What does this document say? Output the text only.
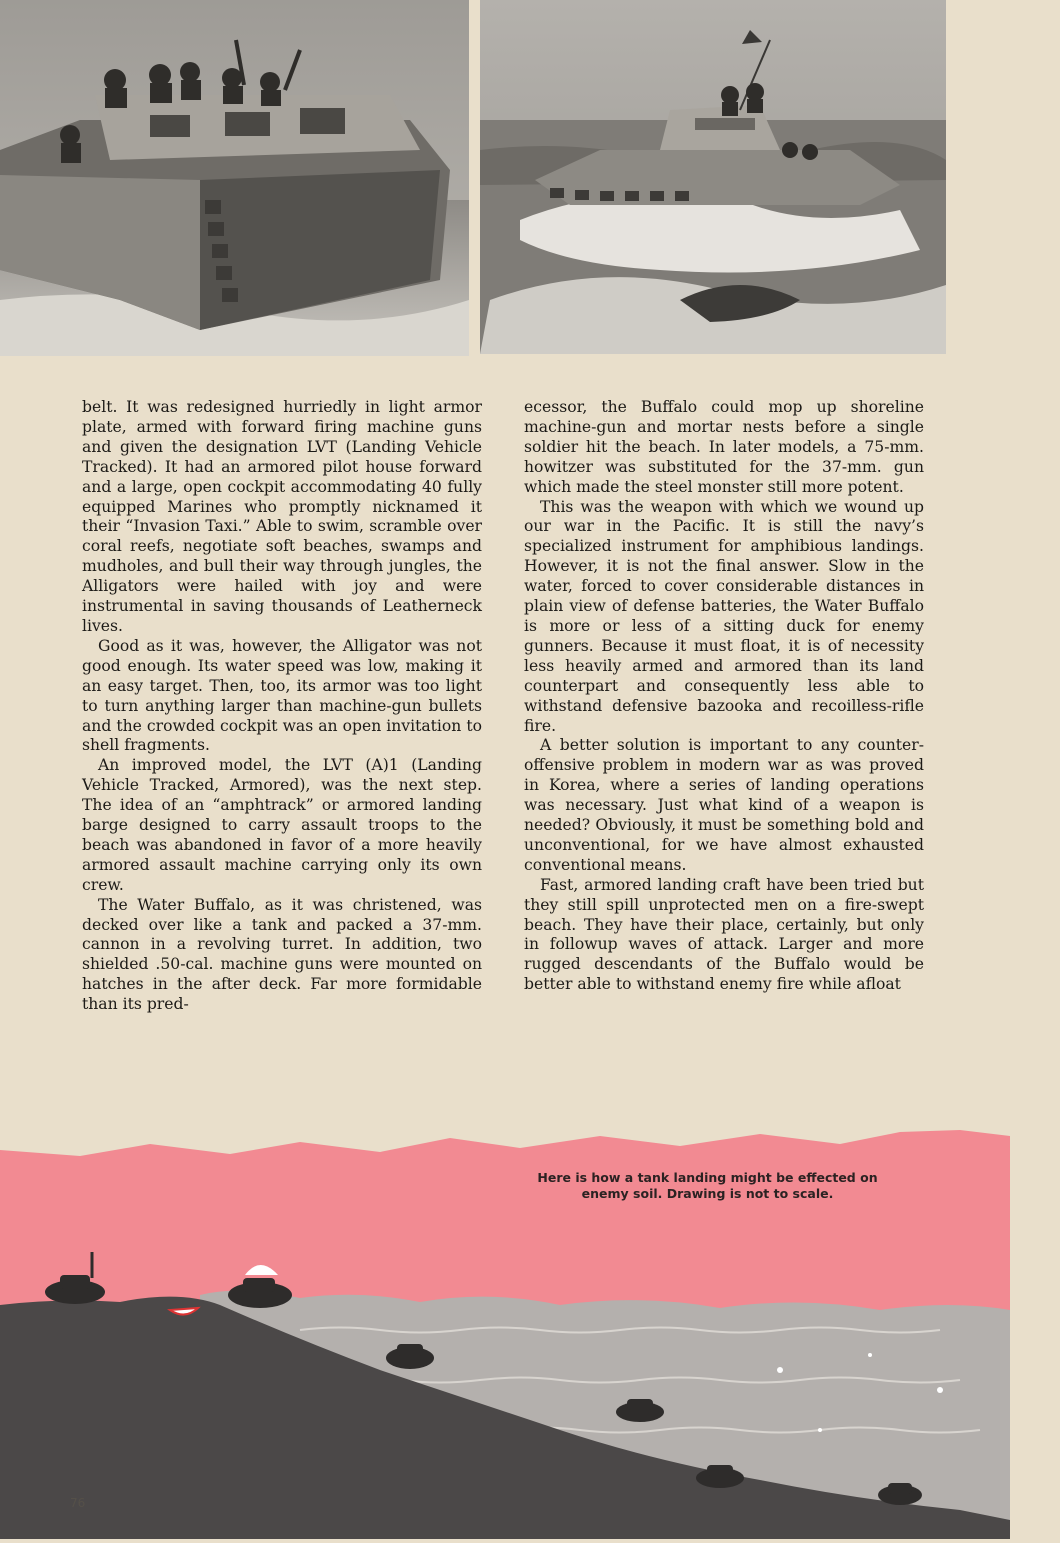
belt. It was redesigned hurriedly in light armor plate, armed with forward firing machine guns and given the designation LVT (Landing Vehicle Tracked). It had an armored pilot house forward and a large, open cockpit accommodating 40 fully equipped Marines who promptly nicknamed it their “Invasion Taxi.” Able to swim, scramble over coral reefs, negotiate soft beaches, swamps and mudholes, and bull their way through jungles, the Alligators were hailed with joy and were instrumental in saving thousands of Leatherneck lives.

Good as it was, however, the Alligator was not good enough. Its water speed was low, making it an easy target. Then, too, its armor was too light to turn anything larger than machine-gun bullets and the crowded cockpit was an open invitation to shell fragments.

An improved model, the LVT (A)1 (Landing Vehicle Tracked, Armored), was the next step. The idea of an “amphtrack” or armored landing barge designed to carry assault troops to the beach was abandoned in favor of a more heavily armored assault machine carrying only its own crew.

The Water Buffalo, as it was christened, was decked over like a tank and packed a 37-mm. cannon in a revolving turret. In addition, two shielded .50-cal. machine guns were mounted on hatches in the after deck. Far more formidable than its pred-

ecessor, the Buffalo could mop up shoreline machine-gun and mortar nests before a single soldier hit the beach. In later models, a 75-mm. howitzer was substituted for the 37-mm. gun which made the steel monster still more potent.

This was the weapon with which we wound up our war in the Pacific. It is still the navy’s specialized instrument for amphibious landings. However, it is not the final answer. Slow in the water, forced to cover considerable distances in plain view of defense batteries, the Water Buffalo is more or less of a sitting duck for enemy gunners. Because it must float, it is of necessity less heavily armed and armored than its land counterpart and consequently less able to withstand defensive bazooka and recoilless-rifle fire.

A better solution is important to any counter-offensive problem in modern war as was proved in Korea, where a series of landing operations was necessary. Just what kind of a weapon is needed? Obviously, it must be something bold and unconventional, for we have almost exhausted conventional means.

Fast, armored landing craft have been tried but they still spill unprotected men on a fire-swept beach. They have their place, certainly, but only in followup waves of attack. Larger and more rugged descendants of the Buffalo would be better able to withstand enemy fire while afloat

Here is how a tank landing might be effected on enemy soil. Drawing is not to scale.
76
